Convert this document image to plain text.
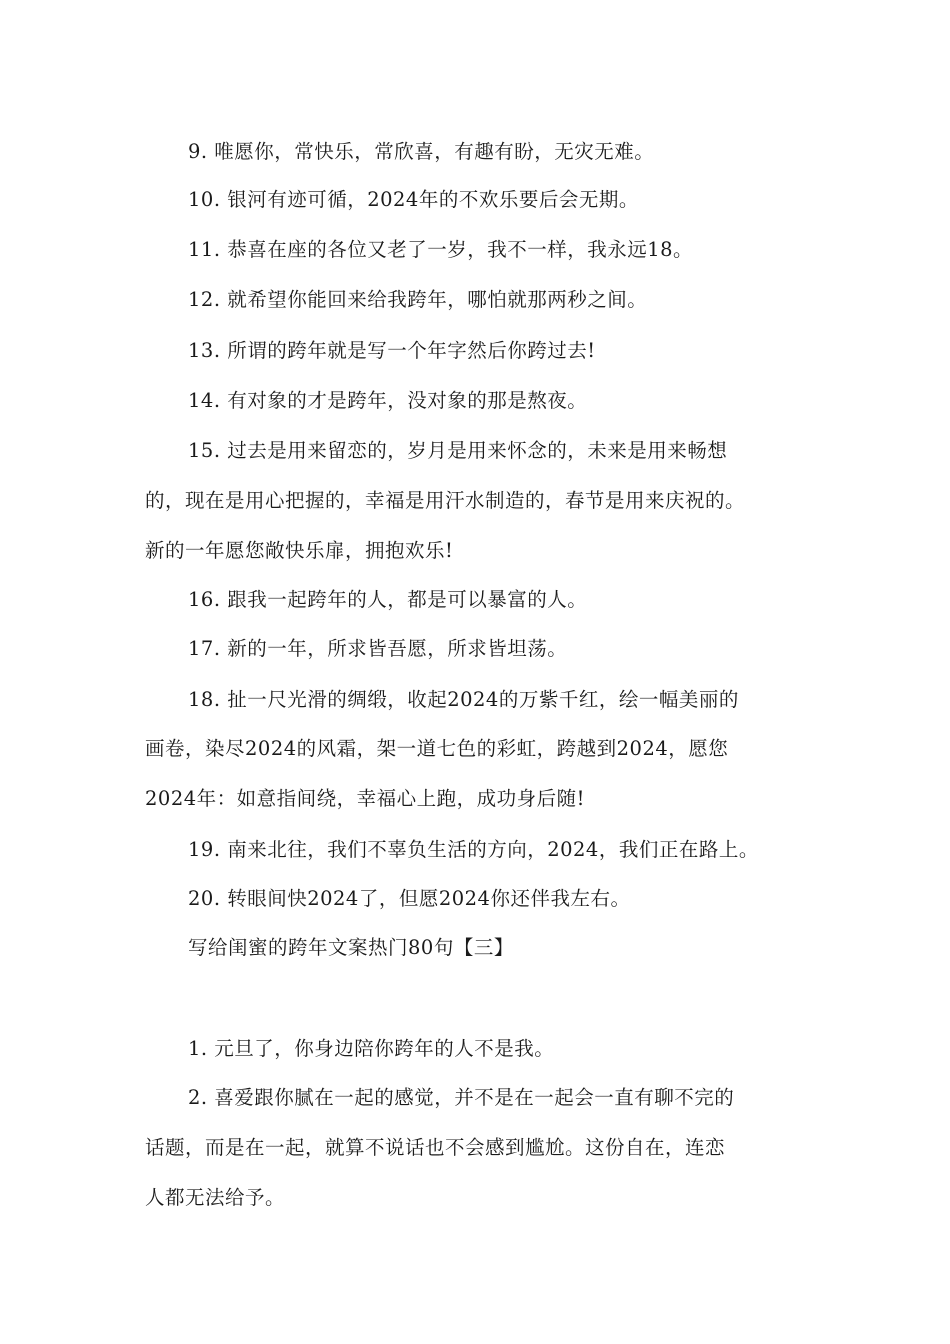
9. 唯愿你，常快乐，常欣喜，有趣有盼，无灾无难。
10. 银河有迹可循，2024年的不欢乐要后会无期。
11. 恭喜在座的各位又老了一岁，我不一样，我永远18。
12. 就希望你能回来给我跨年，哪怕就那两秒之间。
13. 所谓的跨年就是写一个年字然后你跨过去!
14. 有对象的才是跨年，没对象的那是熬夜。
15. 过去是用来留恋的，岁月是用来怀念的，未来是用来畅想
的，现在是用心把握的，幸福是用汗水制造的，春节是用来庆祝的。
新的一年愿您敞快乐扉，拥抱欢乐!
16. 跟我一起跨年的人，都是可以暴富的人。
17. 新的一年，所求皆吾愿，所求皆坦荡。
18. 扯一尺光滑的绸缎，收起2024的万紫千红，绘一幅美丽的
画卷，染尽2024的风霜，架一道七色的彩虹，跨越到2024，愿您
2024年：如意指间绕，幸福心上跑，成功身后随!
19. 南来北往，我们不辜负生活的方向，2024，我们正在路上。
20. 转眼间快2024了，但愿2024你还伴我左右。
写给闺蜜的跨年文案热门80句【三】
1. 元旦了，你身边陪你跨年的人不是我。
2. 喜爱跟你腻在一起的感觉，并不是在一起会一直有聊不完的
话题，而是在一起，就算不说话也不会感到尴尬。这份自在，连恋
人都无法给予。
